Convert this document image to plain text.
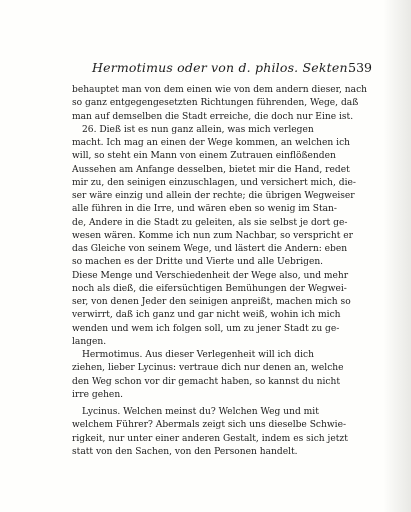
Hermotimus oder von d. philos. Sekten.
539
behauptet man von dem einen wie von dem andern dieser, nach
so ganz entgegengesetzten Richtungen führenden, Wege, daß
man auf demselben die Stadt erreiche, die doch nur Eine ist.
26. Dieß ist es nun ganz allein, was mich verlegen
macht. Ich mag an einen der Wege kommen, an welchen ich
will, so steht ein Mann von einem Zutrauen einflößenden
Aussehen am Anfange desselben, bietet mir die Hand, redet
mir zu, den seinigen einzuschlagen, und versichert mich, die-
ser wäre einzig und allein der rechte; die übrigen Wegweiser
alle führen in die Irre, und wären eben so wenig im Stan-
de, Andere in die Stadt zu geleiten, als sie selbst je dort ge-
wesen wären. Komme ich nun zum Nachbar, so verspricht er
das Gleiche von seinem Wege, und lästert die Andern: eben
so machen es der Dritte und Vierte und alle Uebrigen.
Diese Menge und Verschiedenheit der Wege also, und mehr
noch als dieß, die eifersüchtigen Bemühungen der Wegwei-
ser, von denen Jeder den seinigen anpreißt, machen mich so
verwirrt, daß ich ganz und gar nicht weiß, wohin ich mich
wenden und wem ich folgen soll, um zu jener Stadt zu ge-
langen.
Hermotimus. Aus dieser Verlegenheit will ich dich
ziehen, lieber Lycinus: vertraue dich nur denen an, welche
den Weg schon vor dir gemacht haben, so kannst du nicht
irre gehen.
Lycinus. Welchen meinst du? Welchen Weg und mit
welchem Führer? Abermals zeigt sich uns dieselbe Schwie-
rigkeit, nur unter einer anderen Gestalt, indem es sich jetzt
statt von den Sachen, von den Personen handelt.
